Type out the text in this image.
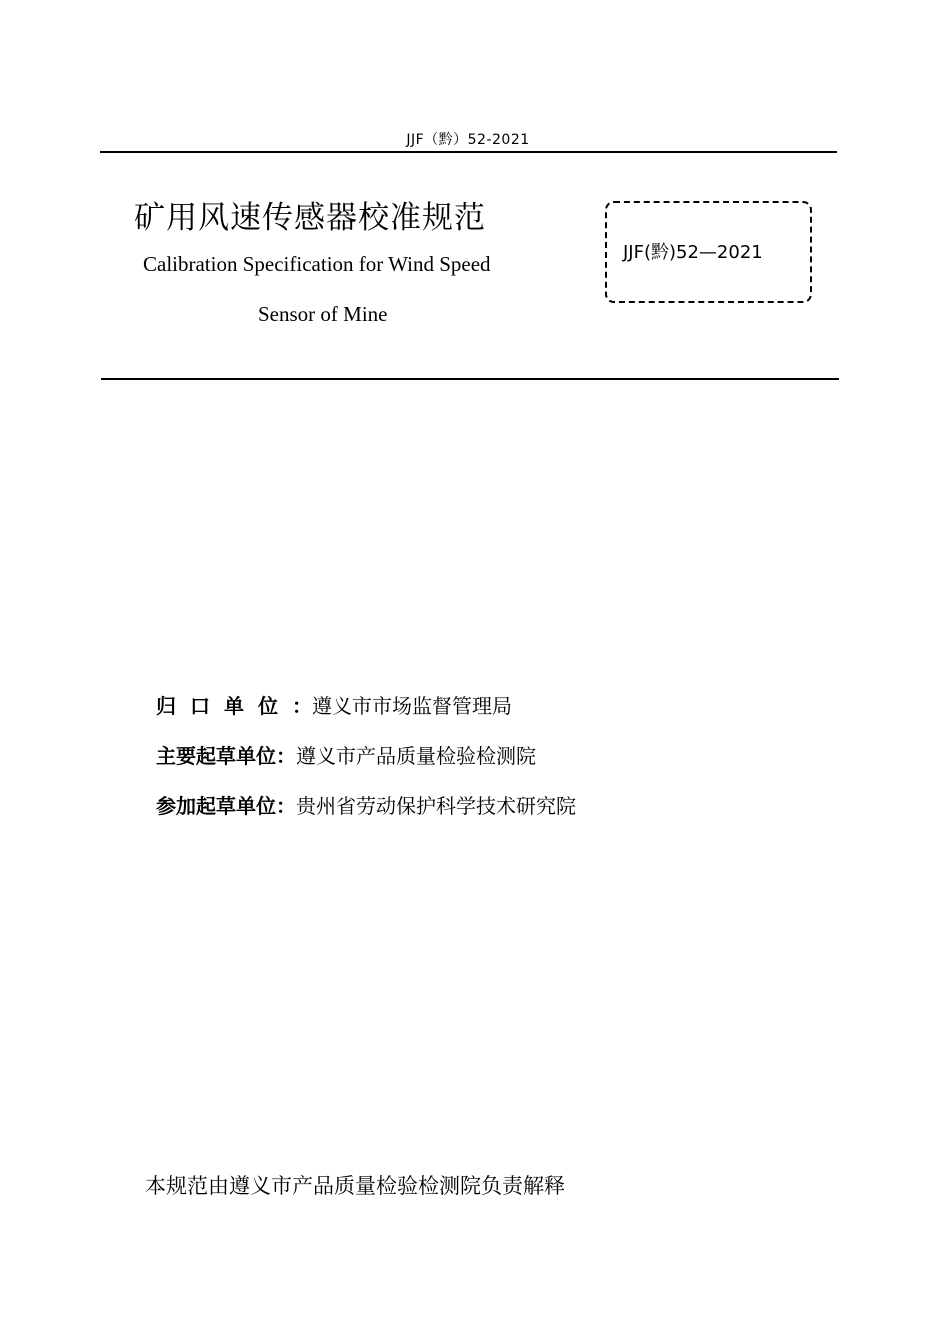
JJF（黔）52-2021
矿用风速传感器校准规范
Calibration Specification for Wind Speed
Sensor of Mine
JJF(黔)52—2021
归口单位：遵义市市场监督管理局
主要起草单位：遵义市产品质量检验检测院
参加起草单位：贵州省劳动保护科学技术研究院
本规范由遵义市产品质量检验检测院负责解释
